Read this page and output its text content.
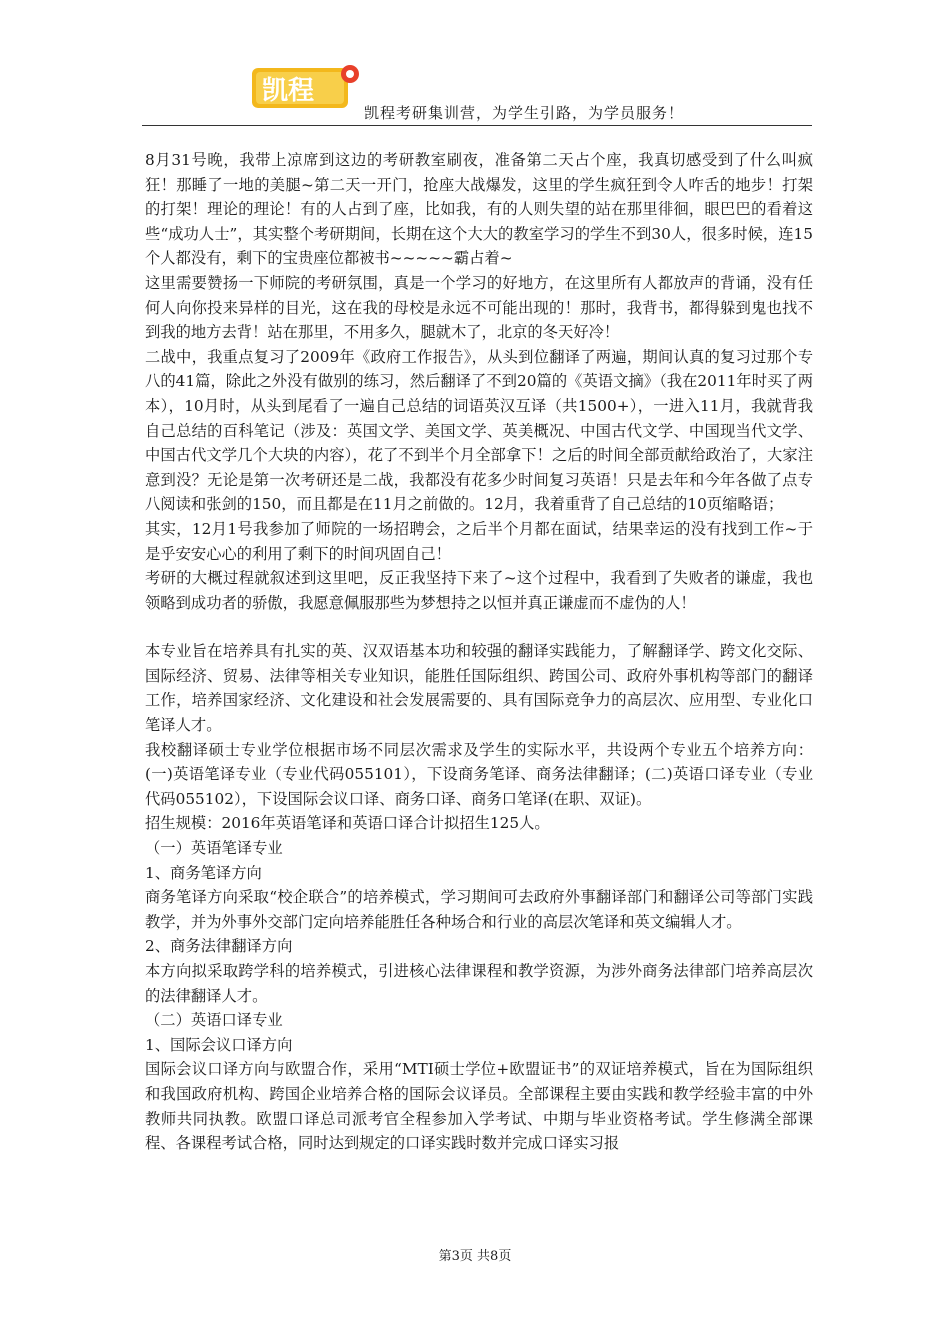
凯程
凯程考研集训营，为学生引路，为学员服务！

8月31号晚，我带上凉席到这边的考研教室刷夜，准备第二天占个座，我真切感受到了什么叫疯狂！那睡了一地的美腿~第二天一开门，抢座大战爆发，这里的学生疯狂到令人咋舌的地步！打架的打架！理论的理论！有的人占到了座，比如我，有的人则失望的站在那里徘徊，眼巴巴的看着这些“成功人士”，其实整个考研期间，长期在这个大大的教室学习的学生不到30人，很多时候，连15个人都没有，剩下的宝贵座位都被书~~~~~霸占着~

这里需要赞扬一下师院的考研氛围，真是一个学习的好地方，在这里所有人都放声的背诵，没有任何人向你投来异样的目光，这在我的母校是永远不可能出现的！那时，我背书，都得躲到鬼也找不到我的地方去背！站在那里，不用多久，腿就木了，北京的冬天好冷！

二战中，我重点复习了2009年《政府工作报告》，从头到位翻译了两遍，期间认真的复习过那个专八的41篇，除此之外没有做别的练习，然后翻译了不到20篇的《英语文摘》（我在2011年时买了两本），10月时，从头到尾看了一遍自己总结的词语英汉互译（共1500+），一进入11月，我就背我自己总结的百科笔记（涉及：英国文学、美国文学、英美概况、中国古代文学、中国现当代文学、中国古代文学几个大块的内容），花了不到半个月全部拿下！之后的时间全部贡献给政治了，大家注意到没？无论是第一次考研还是二战，我都没有花多少时间复习英语！只是去年和今年各做了点专八阅读和张剑的150，而且都是在11月之前做的。12月，我着重背了自己总结的10页缩略语；

其实，12月1号我参加了师院的一场招聘会，之后半个月都在面试，结果幸运的没有找到工作~于是乎安安心心的利用了剩下的时间巩固自己！

考研的大概过程就叙述到这里吧，反正我坚持下来了~这个过程中，我看到了失败者的谦虚，我也领略到成功者的骄傲，我愿意佩服那些为梦想持之以恒并真正谦虚而不虚伪的人！

本专业旨在培养具有扎实的英、汉双语基本功和较强的翻译实践能力，了解翻译学、跨文化交际、国际经济、贸易、法律等相关专业知识，能胜任国际组织、跨国公司、政府外事机构等部门的翻译工作，培养国家经济、文化建设和社会发展需要的、具有国际竞争力的高层次、应用型、专业化口笔译人才。

我校翻译硕士专业学位根据市场不同层次需求及学生的实际水平，共设两个专业五个培养方向：(一)英语笔译专业（专业代码055101），下设商务笔译、商务法律翻译；(二)英语口译专业（专业代码055102），下设国际会议口译、商务口译、商务口笔译(在职、双证)。

招生规模：2016年英语笔译和英语口译合计拟招生125人。

（一）英语笔译专业

1、商务笔译方向

商务笔译方向采取“校企联合”的培养模式，学习期间可去政府外事翻译部门和翻译公司等部门实践教学，并为外事外交部门定向培养能胜任各种场合和行业的高层次笔译和英文编辑人才。

2、商务法律翻译方向

本方向拟采取跨学科的培养模式，引进核心法律课程和教学资源，为涉外商务法律部门培养高层次的法律翻译人才。

（二）英语口译专业

1、国际会议口译方向

国际会议口译方向与欧盟合作，采用“MTI硕士学位+欧盟证书”的双证培养模式，旨在为国际组织和我国政府机构、跨国企业培养合格的国际会议译员。全部课程主要由实践和教学经验丰富的中外教师共同执教。欧盟口译总司派考官全程参加入学考试、中期与毕业资格考试。学生修满全部课程、各课程考试合格，同时达到规定的口译实践时数并完成口译实习报

第3页 共8页
